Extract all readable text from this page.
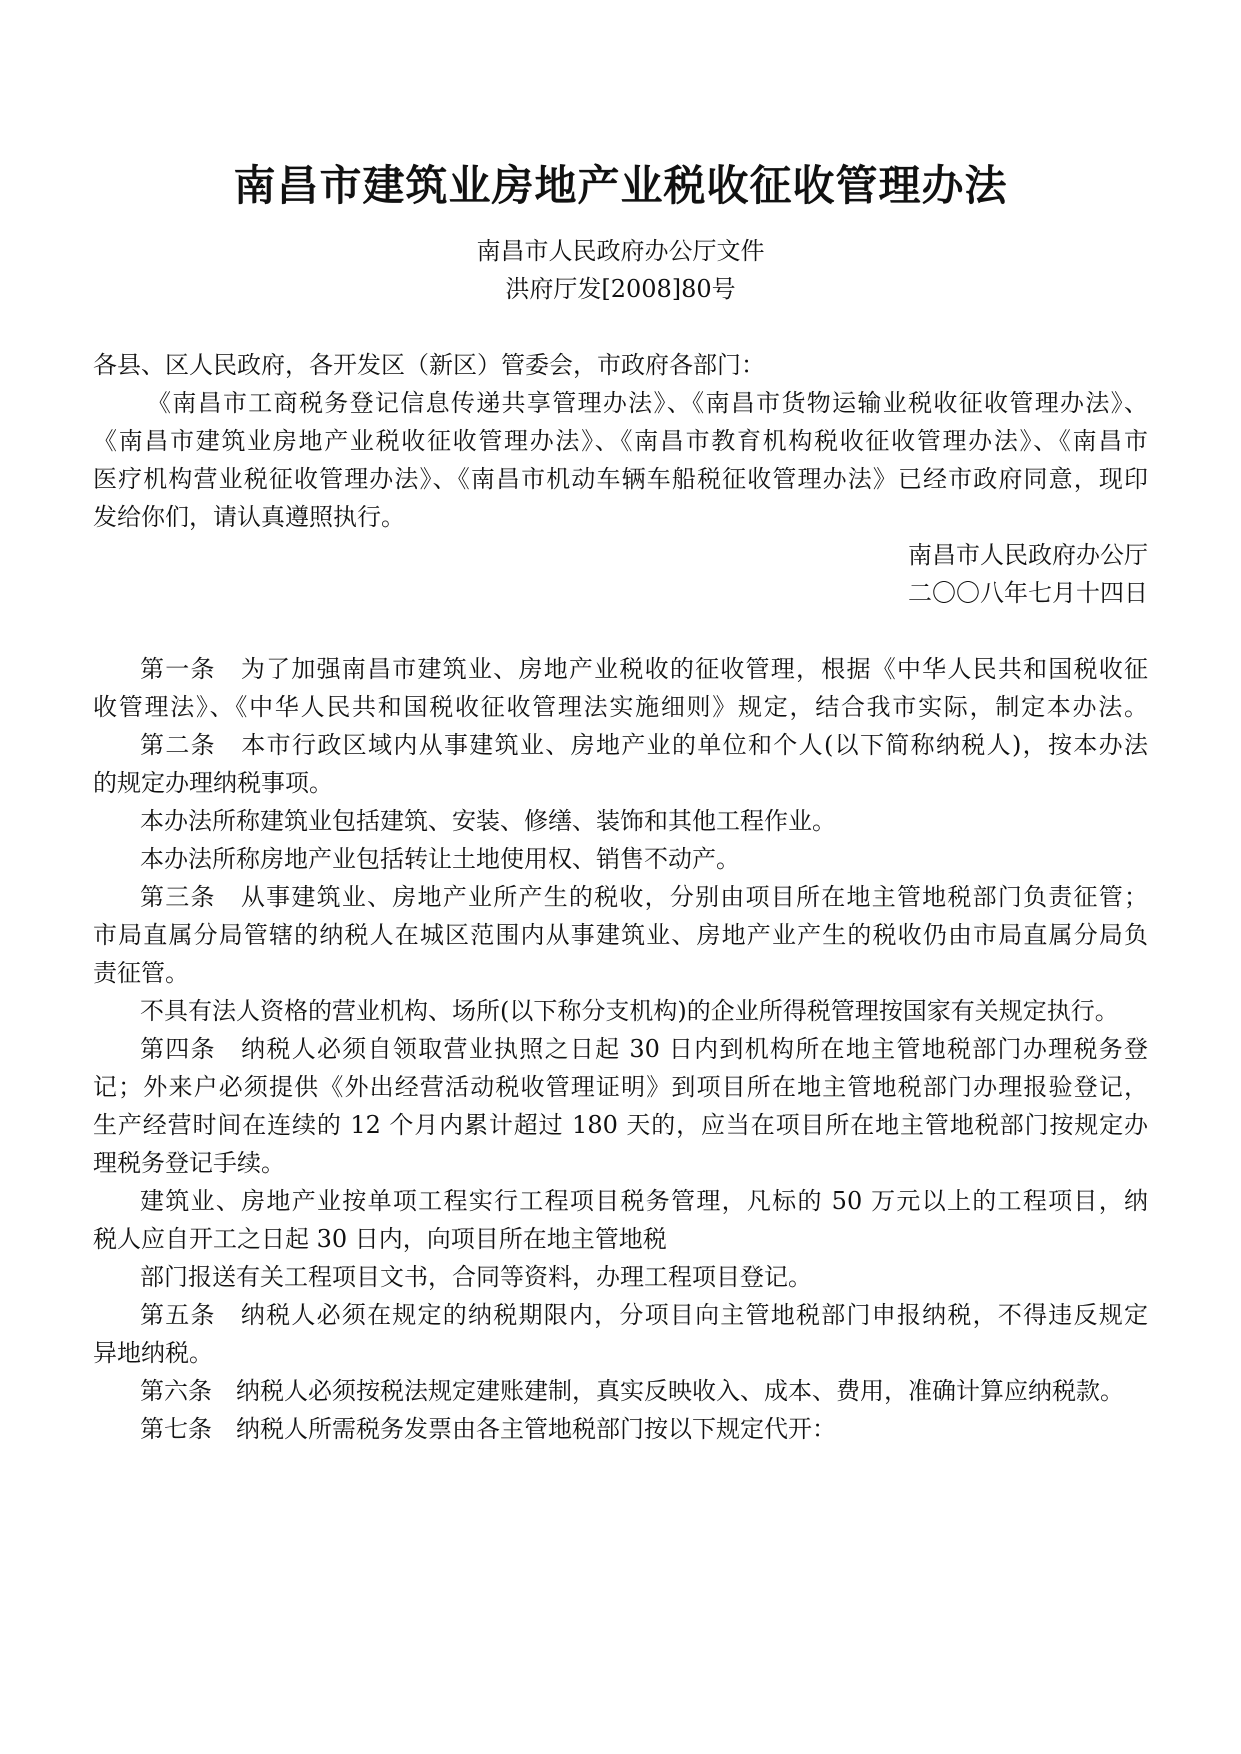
南昌市建筑业房地产业税收征收管理办法
南昌市人民政府办公厅文件
洪府厅发[2008]80号
各县、区人民政府，各开发区（新区）管委会，市政府各部门：
《南昌市工商税务登记信息传递共享管理办法》、《南昌市货物运输业税收征收管理办法》、
《南昌市建筑业房地产业税收征收管理办法》、《南昌市教育机构税收征收管理办法》、《南昌市
医疗机构营业税征收管理办法》、《南昌市机动车辆车船税征收管理办法》已经市政府同意，现印
发给你们，请认真遵照执行。
南昌市人民政府办公厅
二〇〇八年七月十四日
第一条　为了加强南昌市建筑业、房地产业税收的征收管理，根据《中华人民共和国税收征
收管理法》、《中华人民共和国税收征收管理法实施细则》规定，结合我市实际，制定本办法。
第二条　本市行政区域内从事建筑业、房地产业的单位和个人(以下简称纳税人)，按本办法
的规定办理纳税事项。
本办法所称建筑业包括建筑、安装、修缮、装饰和其他工程作业。
本办法所称房地产业包括转让土地使用权、销售不动产。
第三条　从事建筑业、房地产业所产生的税收，分别由项目所在地主管地税部门负责征管；
市局直属分局管辖的纳税人在城区范围内从事建筑业、房地产业产生的税收仍由市局直属分局负
责征管。
不具有法人资格的营业机构、场所(以下称分支机构)的企业所得税管理按国家有关规定执行。
第四条　纳税人必须自领取营业执照之日起 30 日内到机构所在地主管地税部门办理税务登
记；外来户必须提供《外出经营活动税收管理证明》到项目所在地主管地税部门办理报验登记，
生产经营时间在连续的 12 个月内累计超过 180 天的，应当在项目所在地主管地税部门按规定办
理税务登记手续。
建筑业、房地产业按单项工程实行工程项目税务管理，凡标的 50 万元以上的工程项目，纳
税人应自开工之日起 30 日内，向项目所在地主管地税
部门报送有关工程项目文书，合同等资料，办理工程项目登记。
第五条　纳税人必须在规定的纳税期限内，分项目向主管地税部门申报纳税，不得违反规定
异地纳税。
第六条　纳税人必须按税法规定建账建制，真实反映收入、成本、费用，准确计算应纳税款。
第七条　纳税人所需税务发票由各主管地税部门按以下规定代开：
